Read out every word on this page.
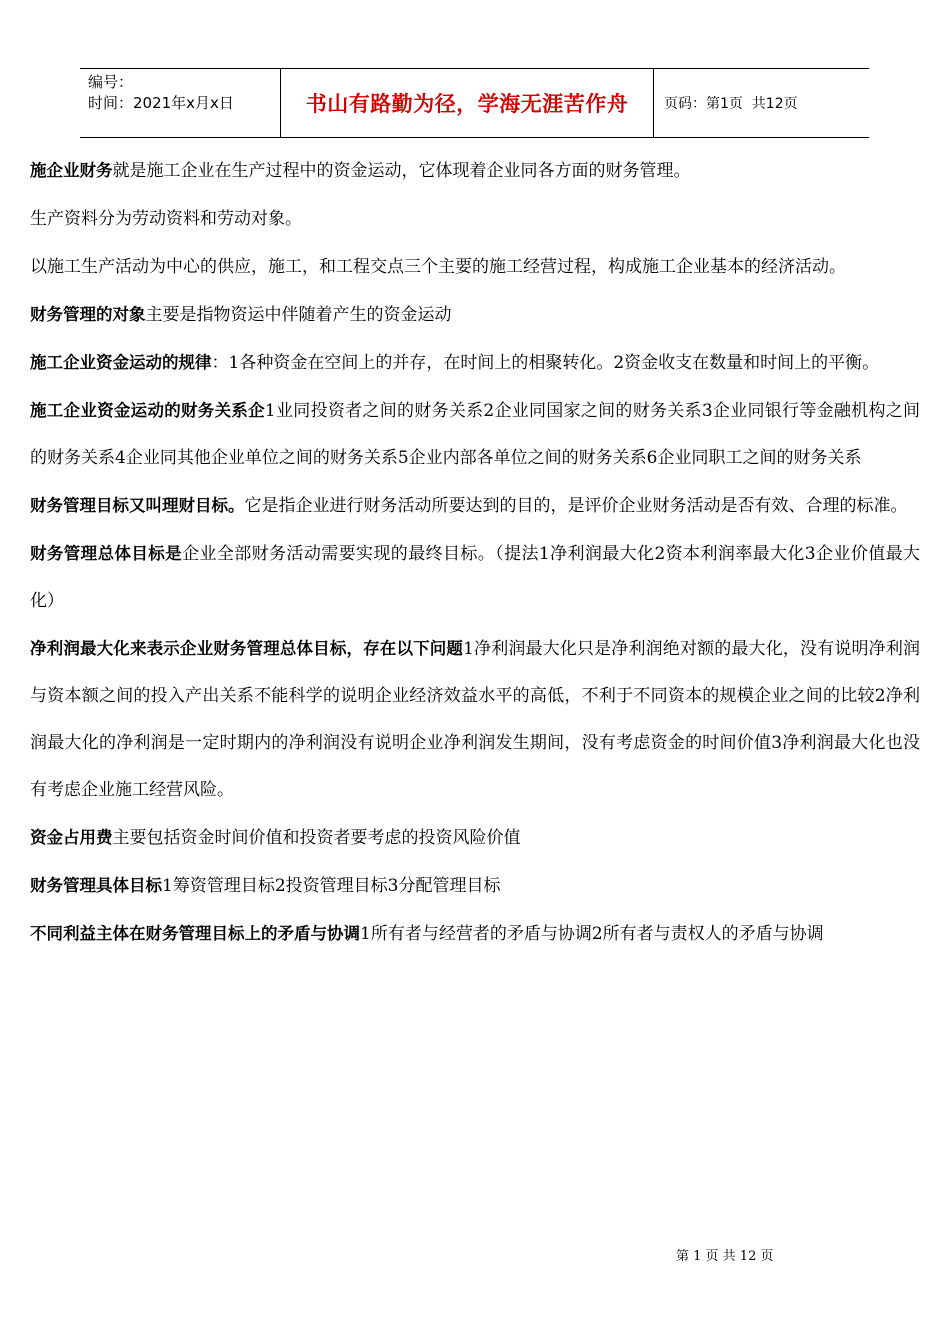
编号：
时间：2021年x月x日	书山有路勤为径，学海无涯苦作舟	页码：第1页  共12页

施企业财务就是施工企业在生产过程中的资金运动，它体现着企业同各方面的财务管理。

生产资料分为劳动资料和劳动对象。

以施工生产活动为中心的供应，施工，和工程交点三个主要的施工经营过程，构成施工企业基本的经济活动。

财务管理的对象主要是指物资运中伴随着产生的资金运动

施工企业资金运动的规律：1各种资金在空间上的并存，在时间上的相聚转化。2资金收支在数量和时间上的平衡。

施工企业资金运动的财务关系企1业同投资者之间的财务关系2企业同国家之间的财务关系3企业同银行等金融机构之间的财务关系4企业同其他企业单位之间的财务关系5企业内部各单位之间的财务关系6企业同职工之间的财务关系

财务管理目标又叫理财目标。它是指企业进行财务活动所要达到的目的，是评价企业财务活动是否有效、合理的标准。

财务管理总体目标是企业全部财务活动需要实现的最终目标。（提法1净利润最大化2资本利润率最大化3企业价值最大化）

净利润最大化来表示企业财务管理总体目标，存在以下问题1净利润最大化只是净利润绝对额的最大化，没有说明净利润与资本额之间的投入产出关系不能科学的说明企业经济效益水平的高低，不利于不同资本的规模企业之间的比较2净利润最大化的净利润是一定时期内的净利润没有说明企业净利润发生期间，没有考虑资金的时间价值3净利润最大化也没有考虑企业施工经营风险。

资金占用费主要包括资金时间价值和投资者要考虑的投资风险价值

财务管理具体目标1筹资管理目标2投资管理目标3分配管理目标

不同利益主体在财务管理目标上的矛盾与协调1所有者与经营者的矛盾与协调2所有者与责权人的矛盾与协调

第 1 页 共 12 页
